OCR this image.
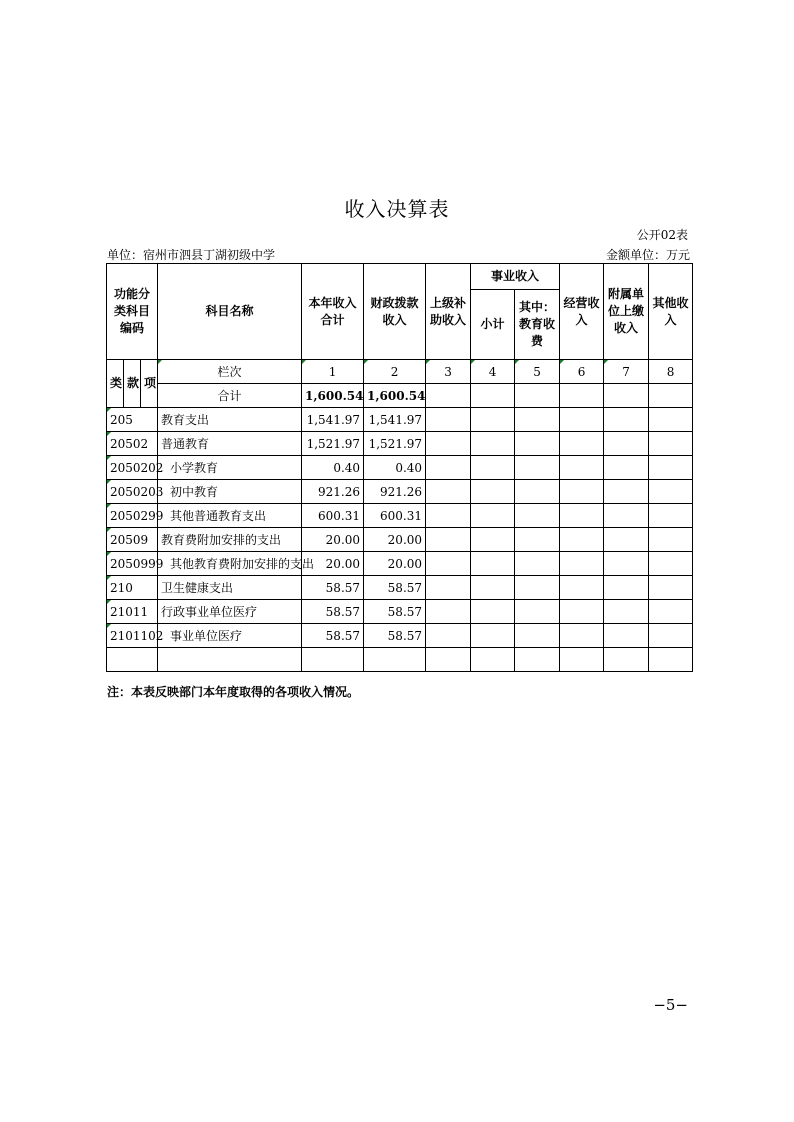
收入决算表
公开02表
单位：宿州市泗县丁湖初级中学	金额单位：万元
功能分类科目编码			科目名称	本年收入合计	财政拨款收入	上级补助收入	事业收入		经营收入	附属单位上缴收入	其他收入
							小计	其中：教育收费			
类	款	项	栏次	1	2	3	4	5	6	7	8
			合计	1,600.54	1,600.54						
205			教育支出	1,541.97	1,541.97						
20502			普通教育	1,521.97	1,521.97						
2050202			小学教育	0.40	0.40						
2050203			初中教育	921.26	921.26						
2050299			其他普通教育支出	600.31	600.31						
20509			教育费附加安排的支出	20.00	20.00						
2050999			其他教育费附加安排的支出	20.00	20.00						
210			卫生健康支出	58.57	58.57						
21011			行政事业单位医疗	58.57	58.57						
2101102			事业单位医疗	58.57	58.57						

注：本表反映部门本年度取得的各项收入情况。
−5−
